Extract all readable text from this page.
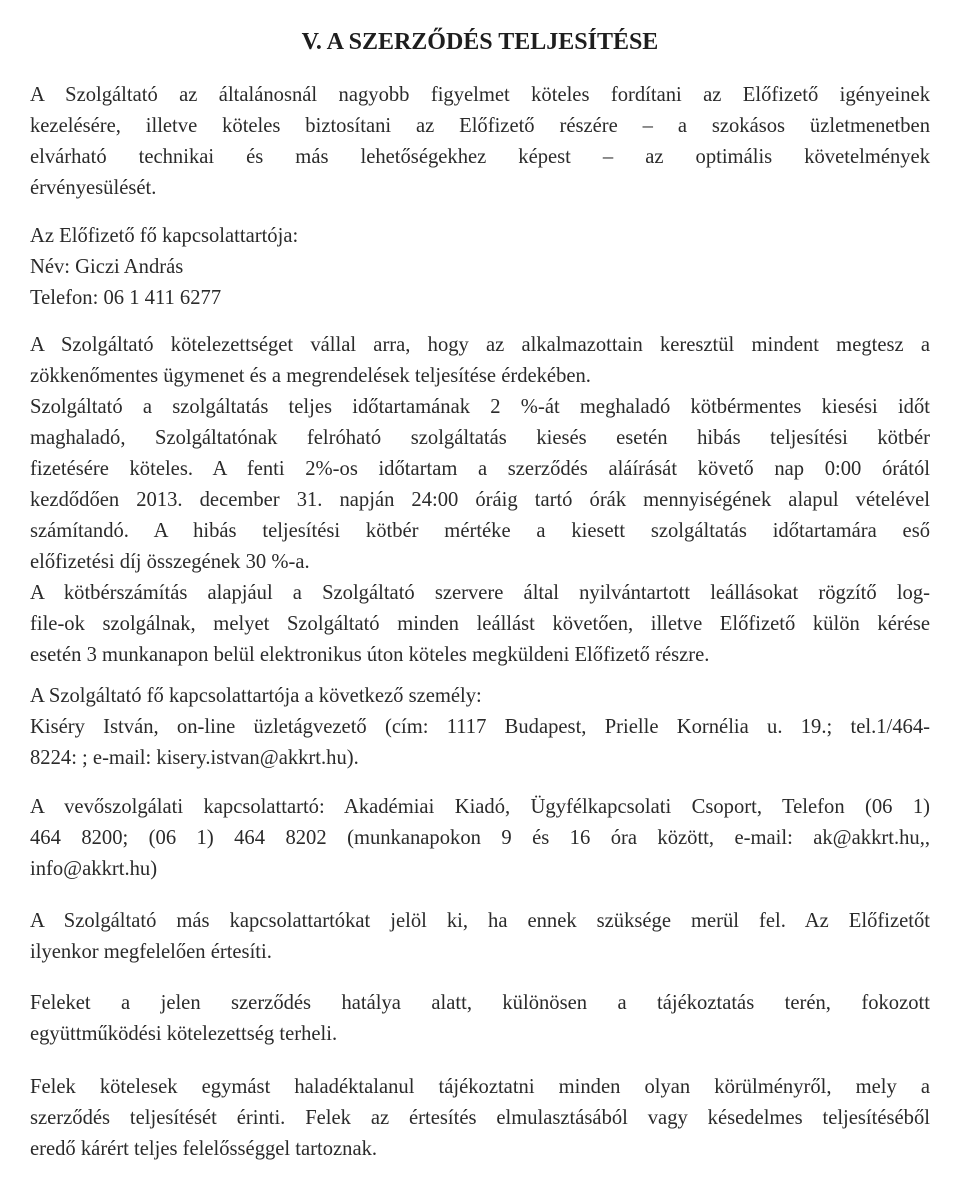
V. A SZERZŐDÉS TELJESÍTÉSE
A Szolgáltató az általánosnál nagyobb figyelmet köteles fordítani az Előfizető igényeinek
kezelésére, illetve köteles biztosítani az Előfizető részére – a szokásos üzletmenetben
elvárható technikai és más lehetőségekhez képest – az optimális követelmények
érvényesülését.
Az Előfizető fő kapcsolattartója:
Név: Giczi András
Telefon: 06 1 411 6277
A Szolgáltató kötelezettséget vállal arra, hogy az alkalmazottain keresztül mindent megtesz a
zökkenőmentes ügymenet és a megrendelések teljesítése érdekében.
Szolgáltató a szolgáltatás teljes időtartamának 2 %-át meghaladó kötbérmentes kiesési időt
maghaladó, Szolgáltatónak felróható szolgáltatás kiesés esetén hibás teljesítési kötbér
fizetésére köteles. A fenti 2%-os időtartam a szerződés aláírását követő nap 0:00 órától
kezdődően 2013. december 31. napján 24:00 óráig tartó órák mennyiségének alapul vételével
számítandó. A hibás teljesítési kötbér mértéke a kiesett szolgáltatás időtartamára eső
előfizetési díj összegének 30 %-a.
A kötbérszámítás alapjául a Szolgáltató szervere által nyilvántartott leállásokat rögzítő log-
file-ok szolgálnak, melyet Szolgáltató minden leállást követően, illetve Előfizető külön kérése
esetén 3 munkanapon belül elektronikus úton köteles megküldeni Előfizető részre.
A Szolgáltató fő kapcsolattartója a következő személy:
Kiséry István, on-line üzletágvezető (cím: 1117 Budapest, Prielle Kornélia u. 19.; tel.1/464-
8224: ; e-mail: kisery.istvan@akkrt.hu).
A vevőszolgálati kapcsolattartó: Akadémiai Kiadó, Ügyfélkapcsolati Csoport, Telefon (06 1)
464 8200; (06 1) 464 8202 (munkanapokon 9 és 16 óra között, e-mail: ak@akkrt.hu,,
info@akkrt.hu)
A Szolgáltató más kapcsolattartókat jelöl ki, ha ennek szüksége merül fel. Az Előfizetőt
ilyenkor megfelelően értesíti.
Feleket a jelen szerződés hatálya alatt, különösen a tájékoztatás terén, fokozott
együttműködési kötelezettség terheli.
Felek kötelesek egymást haladéktalanul tájékoztatni minden olyan körülményről, mely a
szerződés teljesítését érinti. Felek az értesítés elmulasztásából vagy késedelmes teljesítéséből
eredő kárért teljes felelősséggel tartoznak.
